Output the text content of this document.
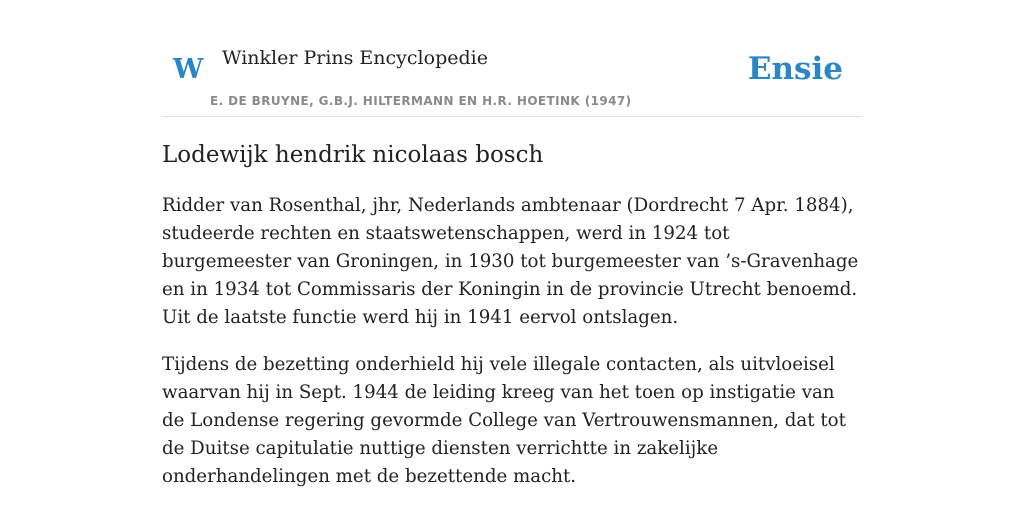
W Winkler Prins Encyclopedie
E. DE BRUYNE, G.B.J. HILTERMANN EN H.R. HOETINK (1947)
Ensie
Lodewijk hendrik nicolaas bosch

Ridder van Rosenthal, jhr, Nederlands ambtenaar (Dordrecht 7 Apr. 1884), studeerde rechten en staatswetenschappen, werd in 1924 tot burgemeester van Groningen, in 1930 tot burgemeester van ’s-Gravenhage en in 1934 tot Commissaris der Koningin in de provincie Utrecht benoemd. Uit de laatste functie werd hij in 1941 eervol ontslagen.

Tijdens de bezetting onderhield hij vele illegale contacten, als uitvloeisel waarvan hij in Sept. 1944 de leiding kreeg van het toen op instigatie van de Londense regering gevormde College van Vertrouwensmannen, dat tot de Duitse capitulatie nuttige diensten verrichtte in zakelijke onderhandelingen met de bezettende macht.
